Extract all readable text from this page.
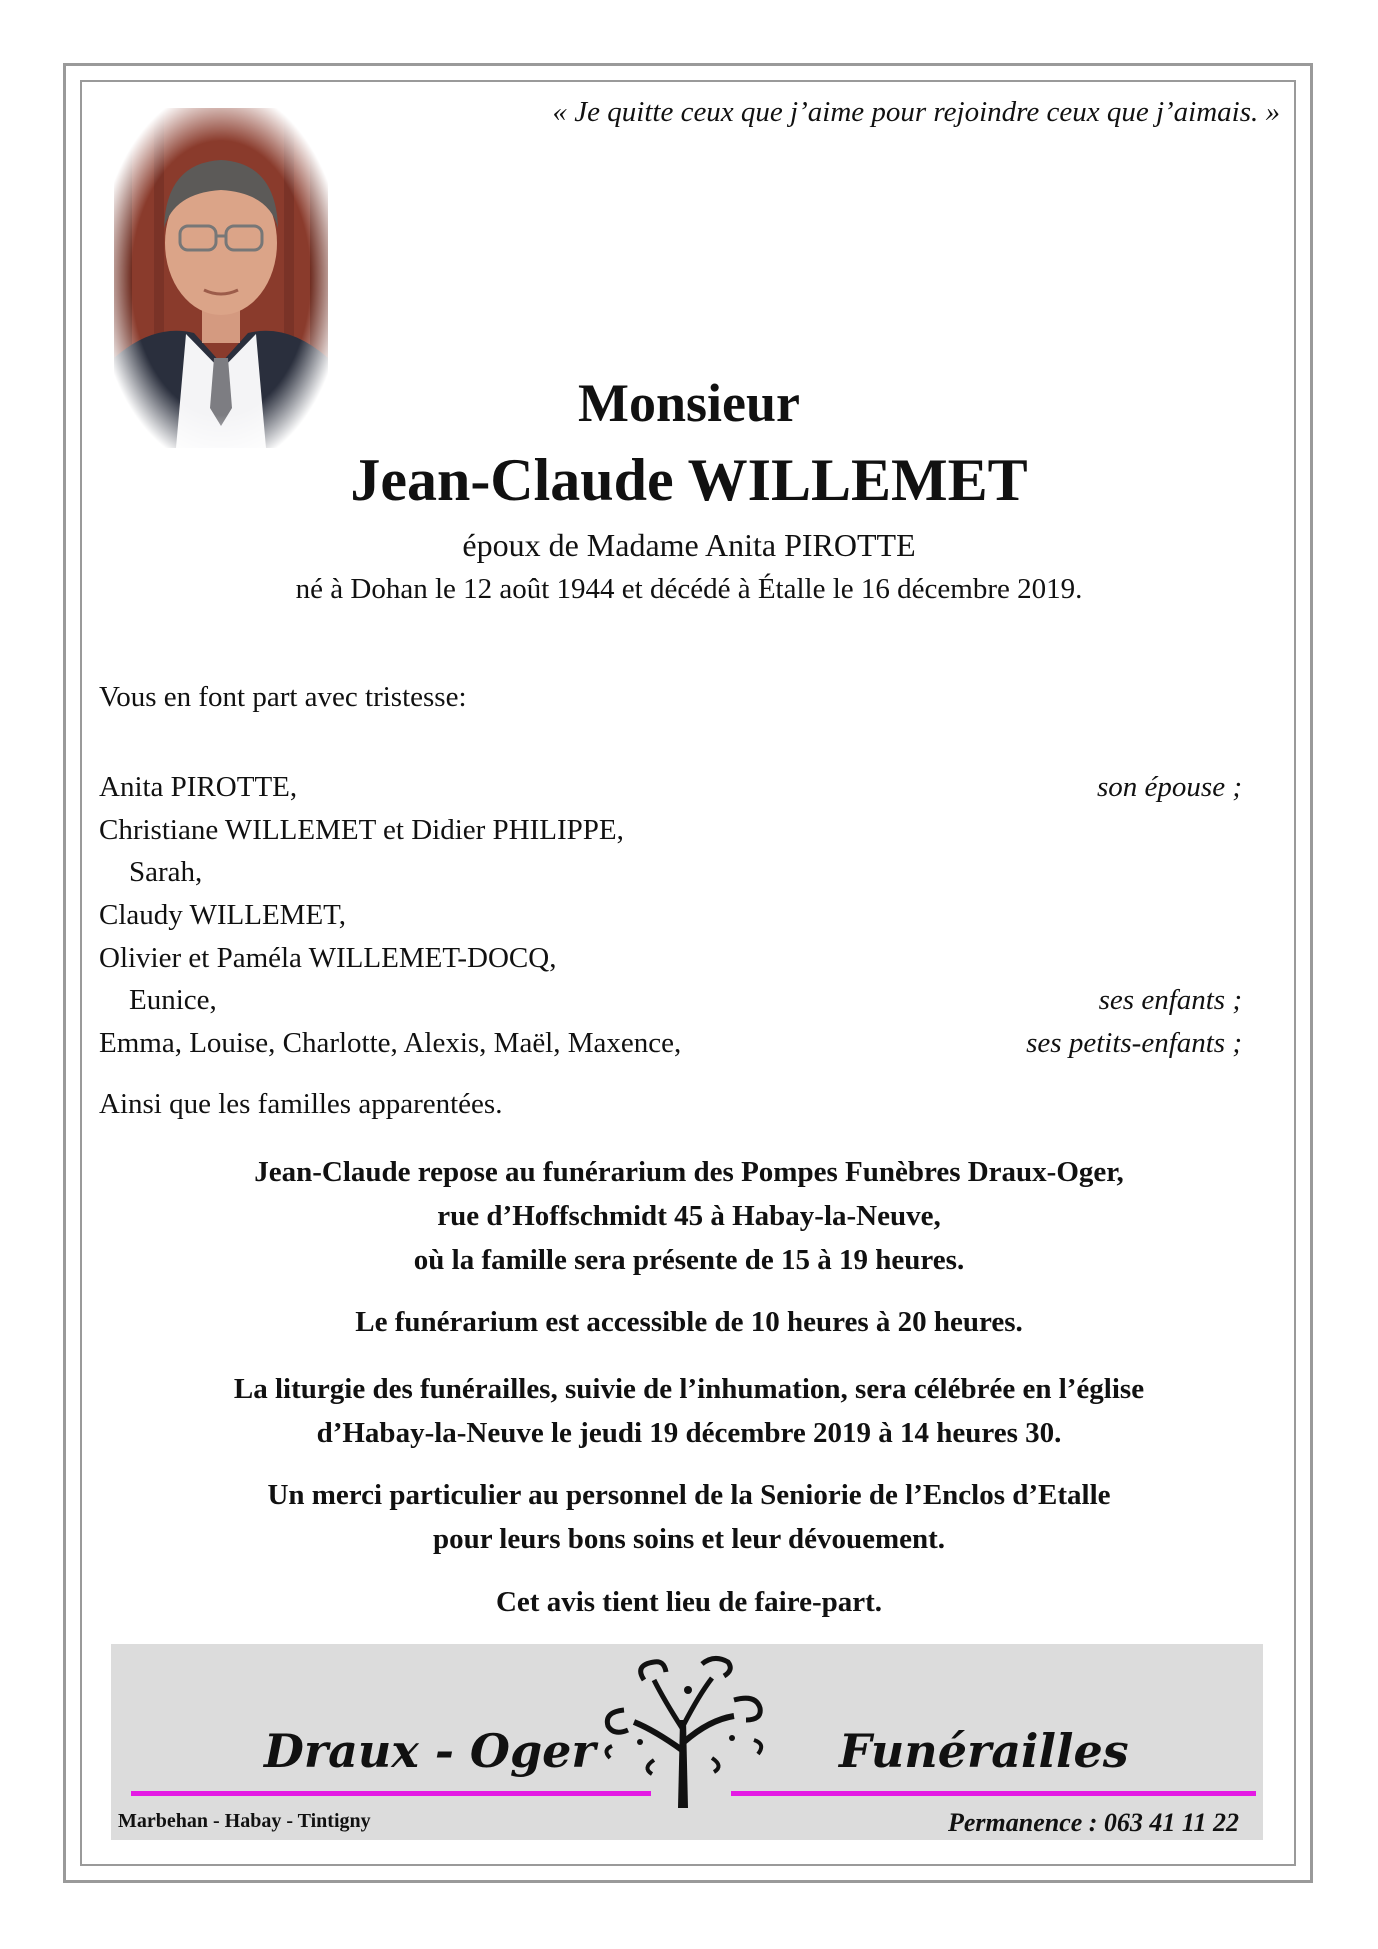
« Je quitte ceux que j’aime pour rejoindre ceux que j’aimais. »
Monsieur
Jean-Claude WILLEMET
époux de Madame Anita PIROTTE
né à Dohan le 12 août 1944 et décédé à Étalle le 16 décembre 2019.
Vous en font part avec tristesse:
Anita PIROTTE,	son épouse ;
Christiane WILLEMET et Didier PHILIPPE,
Sarah,
Claudy WILLEMET,
Olivier et Paméla WILLEMET-DOCQ,
Eunice,	ses enfants ;
Emma, Louise, Charlotte, Alexis, Maël, Maxence,	ses petits-enfants ;
Ainsi que les familles apparentées.
Jean-Claude repose au funérarium des Pompes Funèbres Draux-Oger,
rue d’Hoffschmidt 45 à Habay-la-Neuve,
où la famille sera présente de 15 à 19 heures.
Le funérarium est accessible de 10 heures à 20 heures.
La liturgie des funérailles, suivie de l’inhumation, sera célébrée en l’église
d’Habay-la-Neuve le jeudi 19 décembre 2019 à 14 heures 30.
Un merci particulier au personnel de la Seniorie de l’Enclos d’Etalle
pour leurs bons soins et leur dévouement.
Cet avis tient lieu de faire-part.
Draux - Oger	Funérailles
Marbehan - Habay - Tintigny	Permanence : 063 41 11 22
